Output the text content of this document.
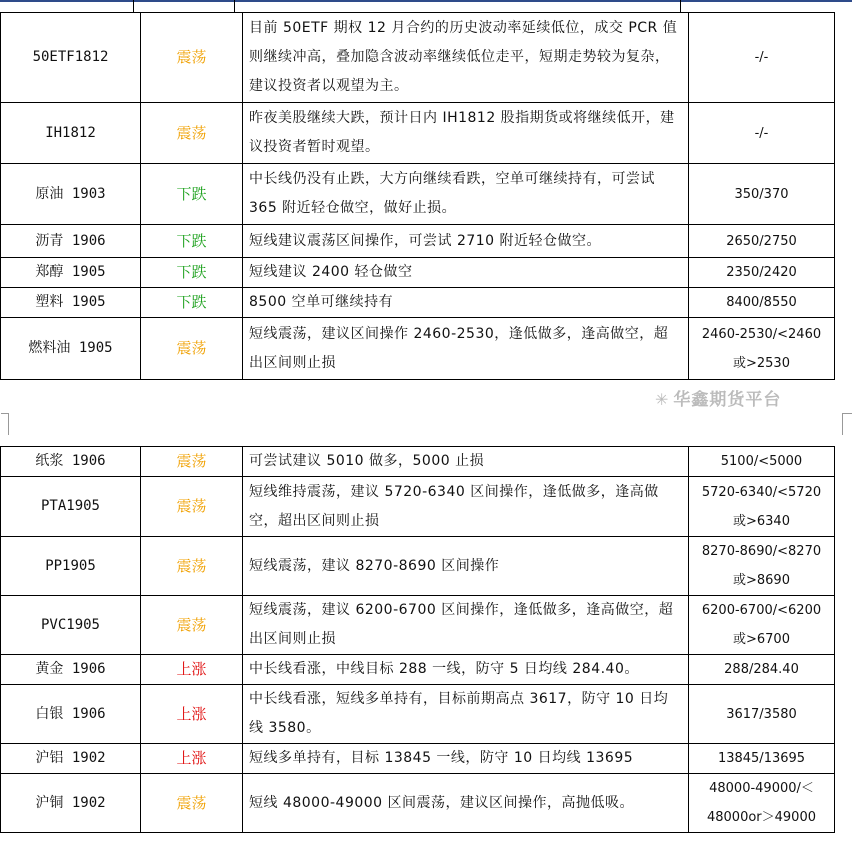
50ETF1812	震荡	目前 50ETF 期权 12 月合约的历史波动率延续低位，成交 PCR 值则继续冲高，叠加隐含波动率继续低位走平，短期走势较为复杂，建议投资者以观望为主。	-/-
IH1812	震荡	昨夜美股继续大跌，预计日内 IH1812 股指期货或将继续低开，建议投资者暂时观望。	-/-
原油 1903	下跌	中长线仍没有止跌，大方向继续看跌，空单可继续持有，可尝试 365 附近轻仓做空，做好止损。	350/370
沥青 1906	下跌	短线建议震荡区间操作，可尝试 2710 附近轻仓做空。	2650/2750
郑醇 1905	下跌	短线建议 2400 轻仓做空	2350/2420
塑料 1905	下跌	8500 空单可继续持有	8400/8550
燃料油 1905	震荡	短线震荡，建议区间操作 2460-2530，逢低做多，逢高做空，超出区间则止损	2460-2530/<2460 或>2530
✳ 华鑫期货平台
纸浆 1906	震荡	可尝试建议 5010 做多，5000 止损	5100/<5000
PTA1905	震荡	短线维持震荡，建议 5720-6340 区间操作，逢低做多，逢高做空，超出区间则止损	5720-6340/<5720 或>6340
PP1905	震荡	短线震荡，建议 8270-8690 区间操作	8270-8690/<8270 或>8690
PVC1905	震荡	短线震荡，建议 6200-6700 区间操作，逢低做多，逢高做空，超出区间则止损	6200-6700/<6200 或>6700
黄金 1906	上涨	中长线看涨，中线目标 288 一线，防守 5 日均线 284.40。	288/284.40
白银 1906	上涨	中长线看涨，短线多单持有，目标前期高点 3617，防守 10 日均线 3580。	3617/3580
沪铝 1902	上涨	短线多单持有，目标 13845 一线，防守 10 日均线 13695	13845/13695
沪铜 1902	震荡	短线 48000-49000 区间震荡，建议区间操作，高抛低吸。	48000-49000/＜48000or＞49000
